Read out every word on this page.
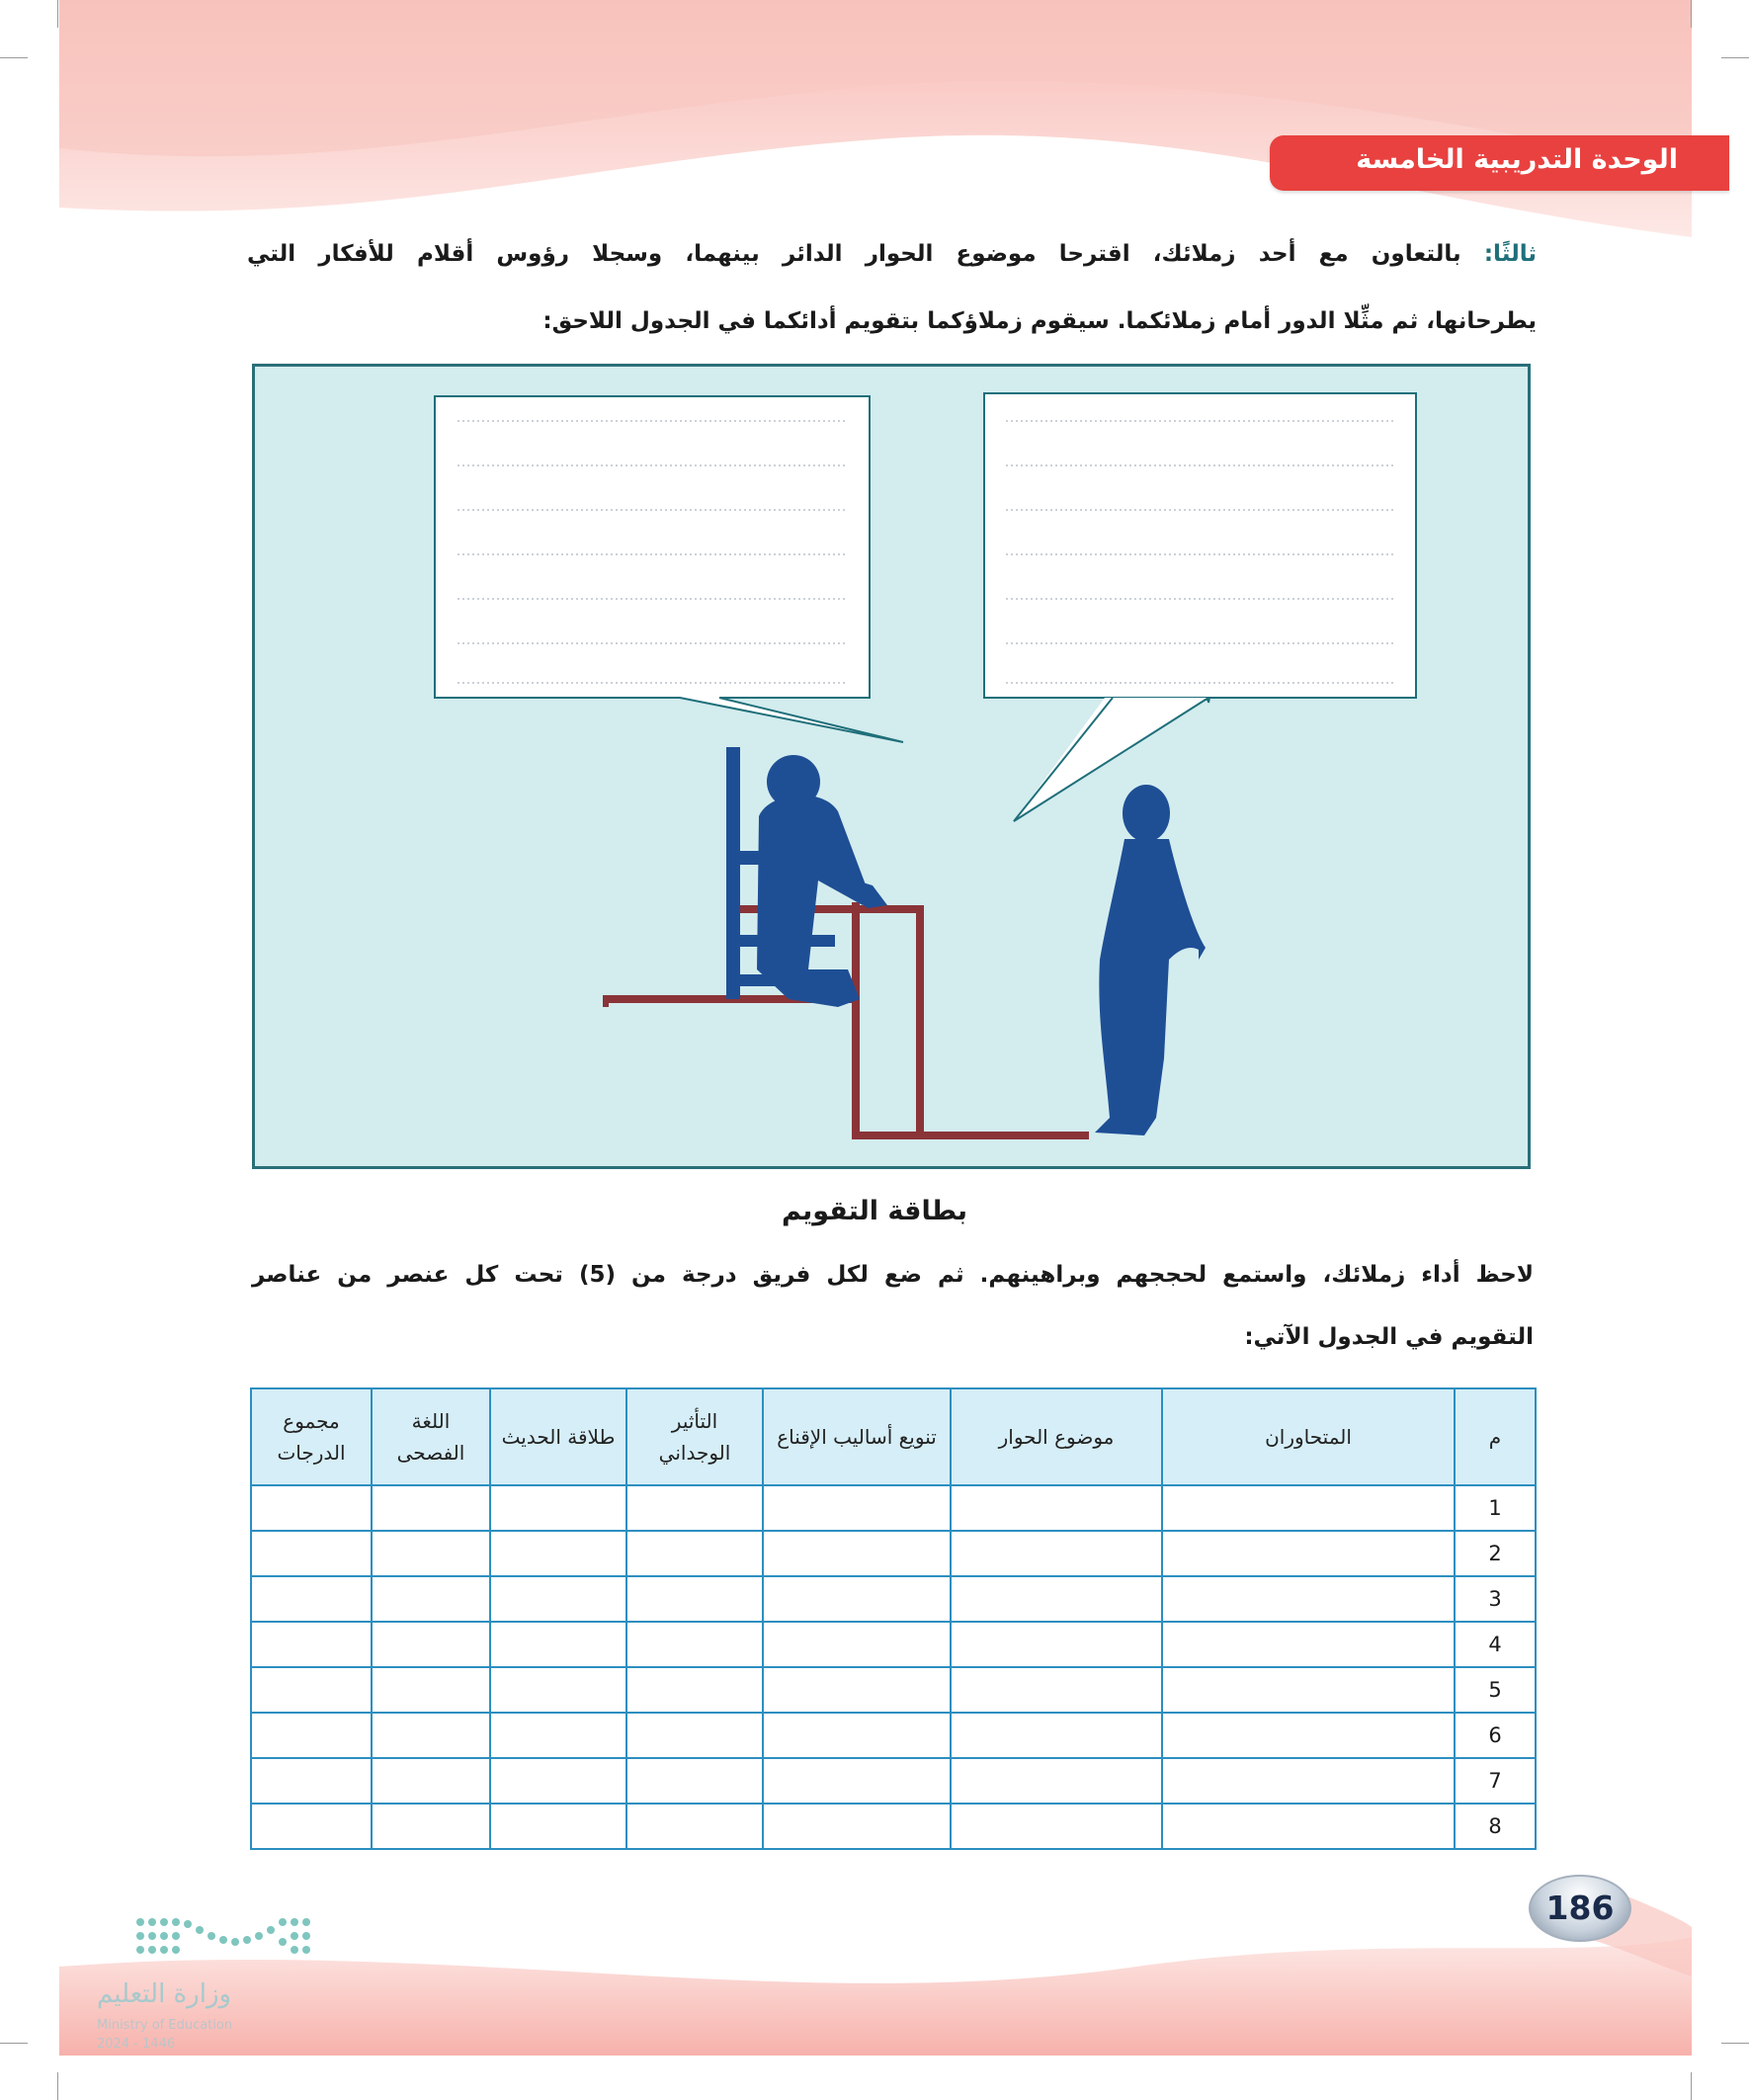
الوحدة التدريبية الخامسة
ثالثًا: بالتعاون مع أحد زملائك، اقترحا موضوع الحوار الدائر بينهما، وسجلا رؤوس أقلام للأفكار التي
يطرحانها، ثم مثِّلا الدور أمام زملائكما. سيقوم زملاؤكما بتقويم أدائكما في الجدول اللاحق:
بطاقة التقويم
لاحظ أداء زملائك، واستمع لحججهم وبراهينهم. ثم ضع لكل فريق درجة من (5) تحت كل عنصر من عناصر
التقويم في الجدول الآتي:
م	المتحاوران	موضوع الحوار	تنويع أساليب الإقناع	التأثير الوجداني	طلاقة الحديث	اللغة الفصحى	مجموع الدرجات
1							
2							
3							
4							
5							
6							
7							
8							
186
وزارة التعليم
Ministry of Education
2024 - 1446
